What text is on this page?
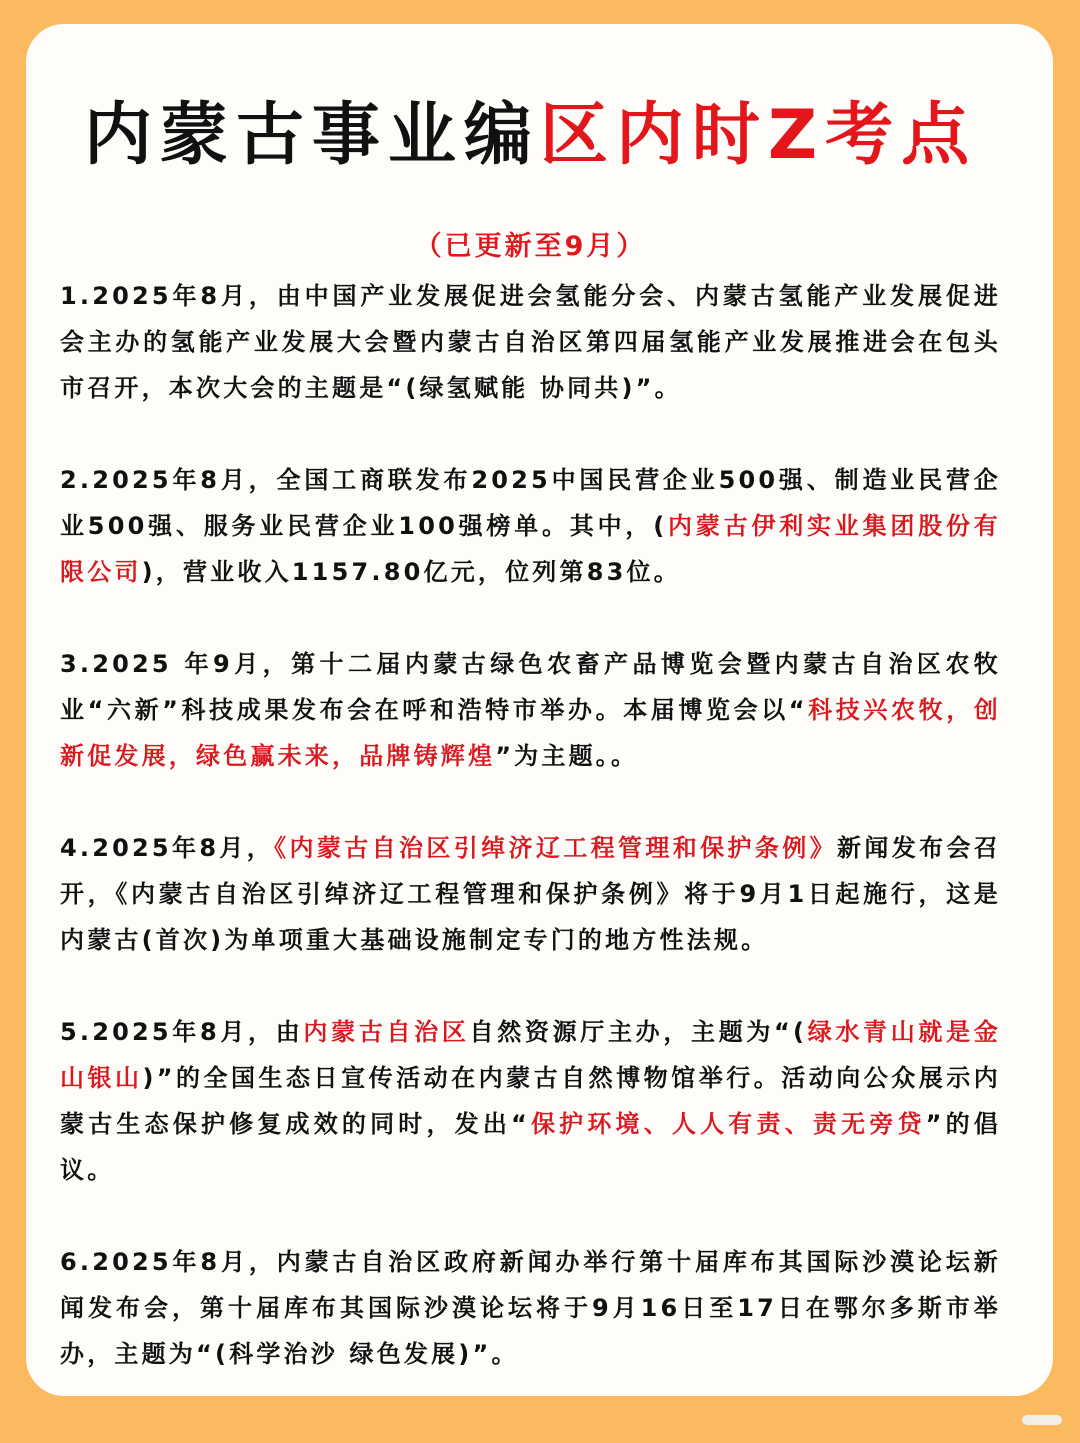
内蒙古事业编区内时Z考点
（已更新至9月）

1.2025年8月，由中国产业发展促进会氢能分会、内蒙古氢能产业发展促进会主办的氢能产业发展大会暨内蒙古自治区第四届氢能产业发展推进会在包头市召开，本次大会的主题是“(绿氢赋能 协同共)”。

2.2025年8月，全国工商联发布2025中国民营企业500强、制造业民营企业500强、服务业民营企业100强榜单。其中，(内蒙古伊利实业集团股份有限公司)，营业收入1157.80亿元，位列第83位。

3.2025 年9月，第十二届内蒙古绿色农畜产品博览会暨内蒙古自治区农牧业“六新”科技成果发布会在呼和浩特市举办。本届博览会以“科技兴农牧，创新促发展，绿色赢未来，品牌铸辉煌”为主题。。

4.2025年8月，《内蒙古自治区引绰济辽工程管理和保护条例》新闻发布会召开，《内蒙古自治区引绰济辽工程管理和保护条例》将于9月1日起施行，这是内蒙古(首次)为单项重大基础设施制定专门的地方性法规。

5.2025年8月，由内蒙古自治区自然资源厅主办，主题为“(绿水青山就是金山银山)”的全国生态日宣传活动在内蒙古自然博物馆举行。活动向公众展示内蒙古生态保护修复成效的同时，发出“保护环境、人人有责、责无旁贷”的倡议。

6.2025年8月，内蒙古自治区政府新闻办举行第十届库布其国际沙漠论坛新闻发布会，第十届库布其国际沙漠论坛将于9月16日至17日在鄂尔多斯市举办，主题为“(科学治沙 绿色发展)”。
